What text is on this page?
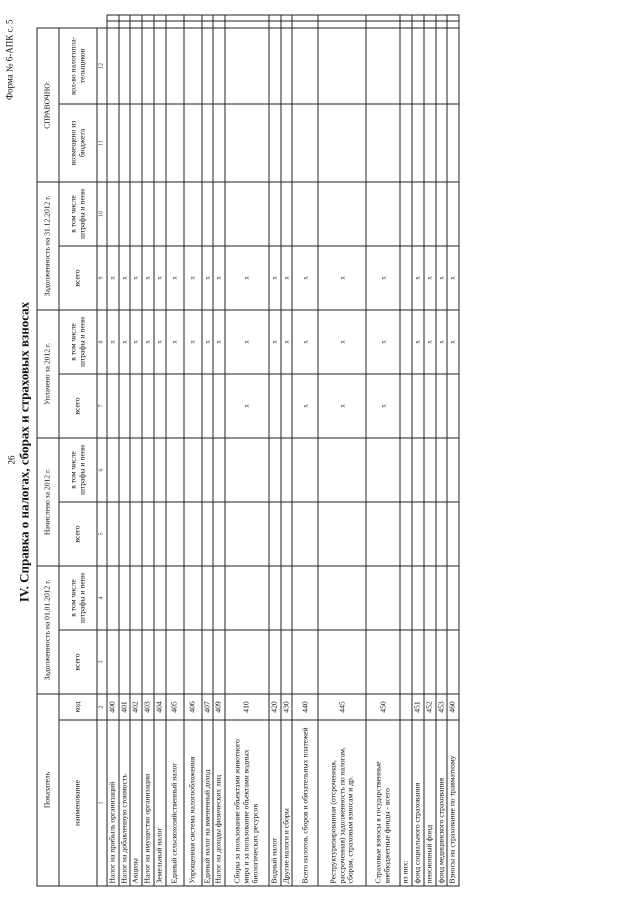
26
Форма № 6-АПК с. 5
IV. Справка о налогах, сборах и страховых взносах
Показатель		Задолженность на 01.01.2012 г.		Начислено за 2012 г.		Уплачено за 2012 г.		Задолженность на 31.12.2012 г.		СПРАВОЧНО:			
наименование	код	всего	в том числе штрафы и пени	всего	в том числе штрафы и пени	всего	в том числе штрафы и пени	всего	в том числе штрафы и пени	возмещено из бюджета	кол-во налогопла-тельщиков		
1	2	3	4	5	6	7	8	9	10	11	12		
Налог на прибыль организаций	400						x	x					
Налог на добавленную стоимость	401						x	x					
Акцизы	402						x	x					
Налог на имущество организации	403						x	x					
Земельный налог	404						x	x					
Единый сельскохозяйственный налог	405						x	x					
Упрощенная система налогообложения	406						x	x					
Единый налог на вмененный доход	407						x	x					
Налог на доходы физических лиц	409						x	x					
Сборы за пользование объектами животного мира и за пользование объектами водных биологических ресурсов	410					x	x	x					
Водный налог	420						x	x					
Другие налоги и сборы	430						x	x					
Всего налогов, сборов и обязательных платежей	440					x	x	x					
Реструктуризированная (отсроченная, рассроченная) задолженность по налогам, сборам, страховым взносам и др.	445					x	x	x					
Страховые взносы в государственные внебюджетные фонды - всего	450					x	x	x					
из них:													
фонд социального страхования	451						x	x					
пенсионный фонд	452						x	x					
фонд медицинского страхования	453						x	x					
Взносы на страхование по травматизму	460						x	x					
